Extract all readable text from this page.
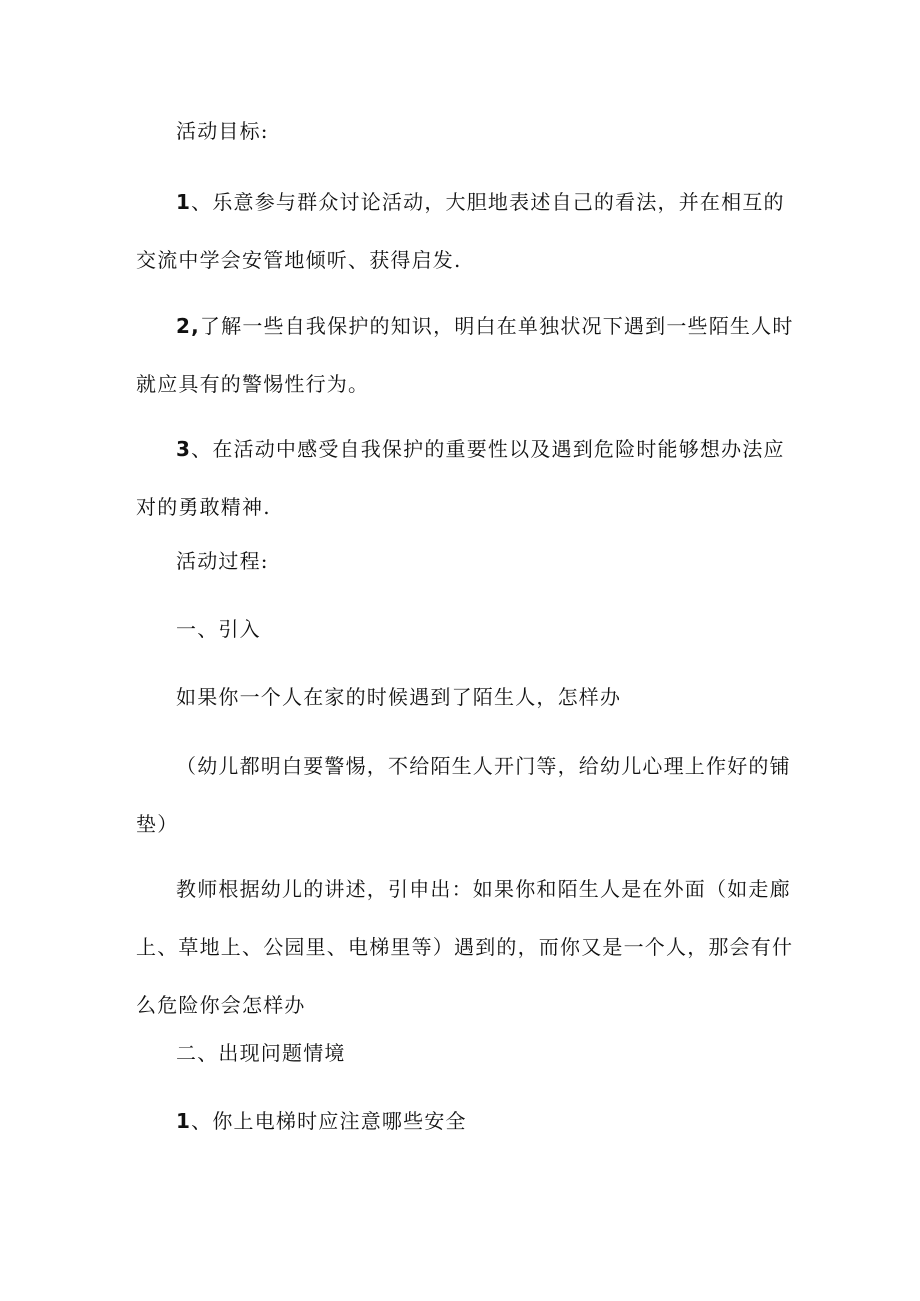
活动目标:

1、乐意参与群众讨论活动，大胆地表述自己的看法，并在相互的交流中学会安管地倾听、获得启发.

2,了解一些自我保护的知识，明白在单独状况下遇到一些陌生人时就应具有的警惕性行为。

3、在活动中感受自我保护的重要性以及遇到危险时能够想办法应对的勇敢精神.

活动过程:

一、引入

如果你一个人在家的时候遇到了陌生人，怎样办

（幼儿都明白要警惕，不给陌生人开门等，给幼儿心理上作好的铺垫）

教师根据幼儿的讲述，引申出：如果你和陌生人是在外面（如走廊上、草地上、公园里、电梯里等）遇到的，而你又是一个人，那会有什么危险你会怎样办

二、出现问题情境

1、你上电梯时应注意哪些安全
